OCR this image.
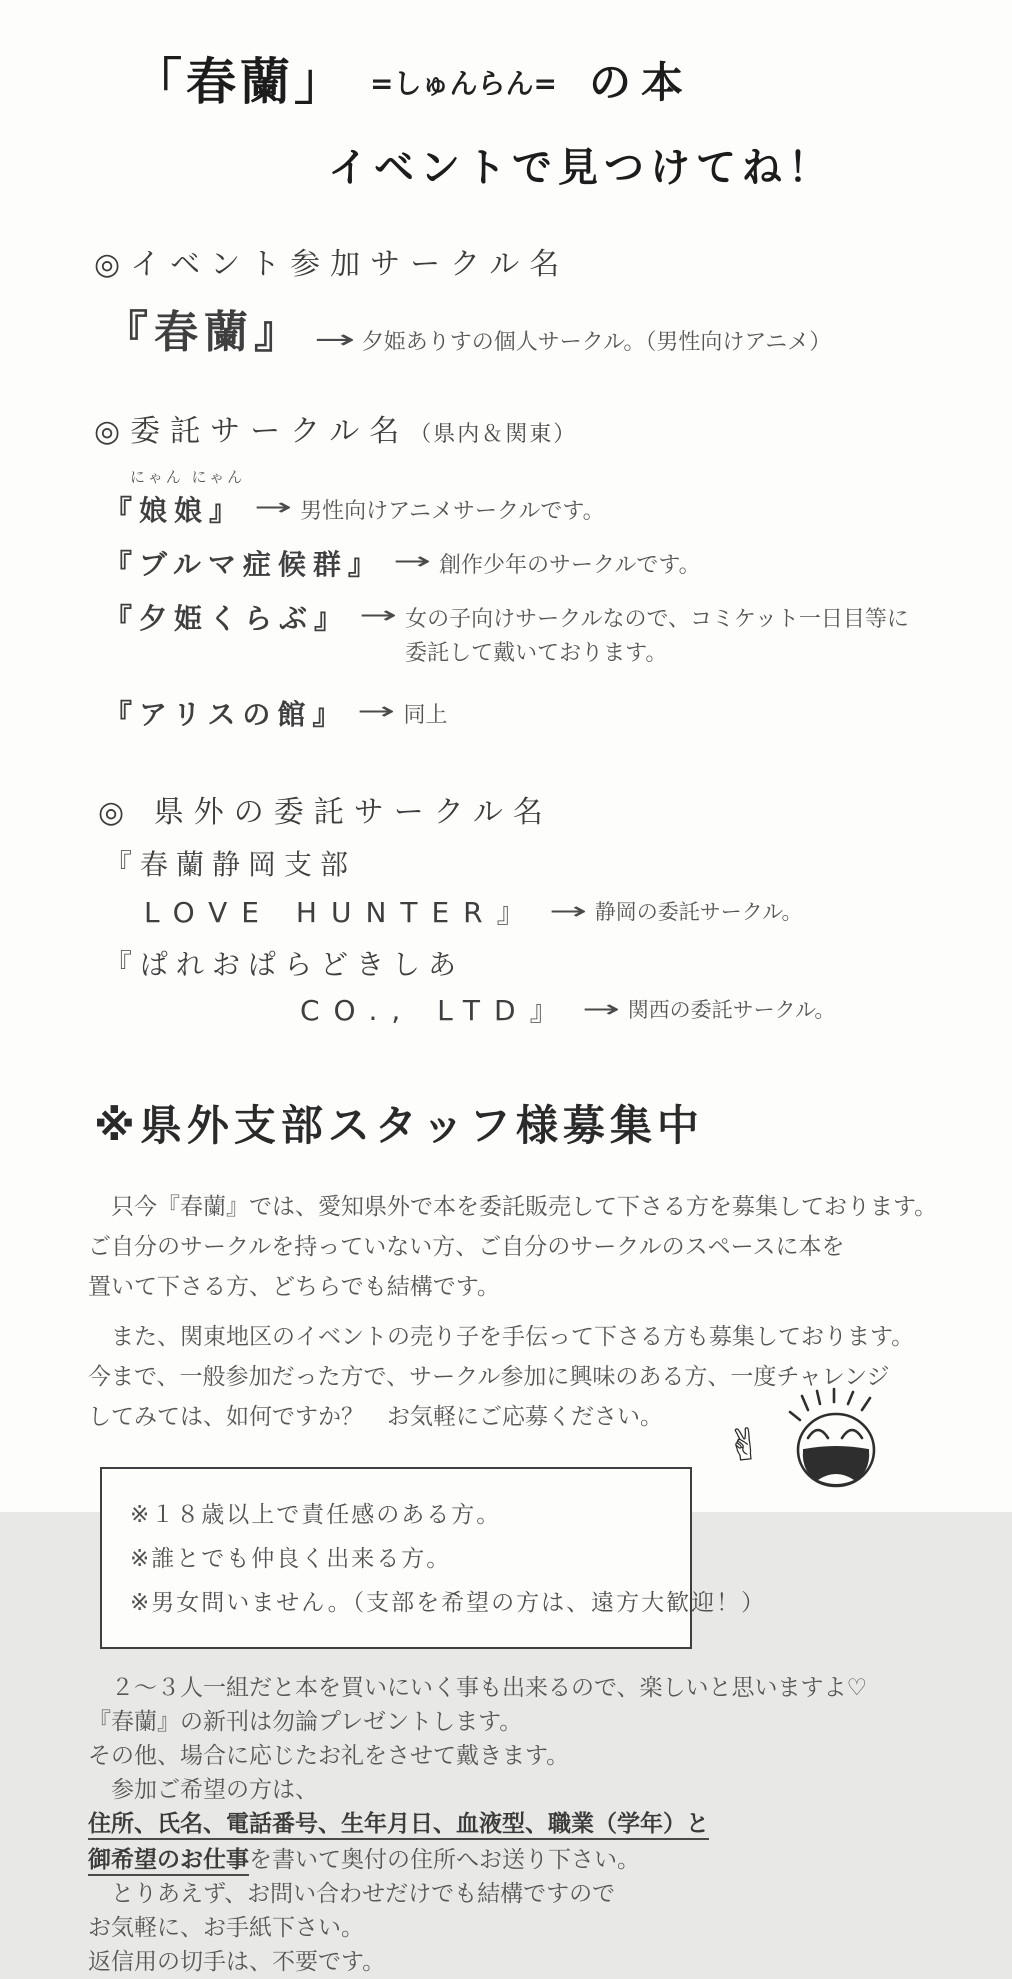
「春蘭」 =しゅんらん= の本
イベントで見つけてね！
◎イベント参加サークル名
『春蘭』 → 夕姫ありすの個人サークル。（男性向けアニメ）
◎委託サークル名（県内＆関東）
にゃん にゃん
『娘娘』 → 男性向けアニメサークルです。
『ブルマ症候群』 → 創作少年のサークルです。
『夕姫くらぶ』 → 女の子向けサークルなので、コミケット一日目等に
委託して戴いております。
『アリスの館』 → 同上
◎ 県外の委託サークル名
『春蘭静岡支部
LOVE HUNTER』 → 静岡の委託サークル。
『ぱれおぱらどきしあ
CO., LTD』 → 関西の委託サークル。
※県外支部スタッフ様募集中
　只今『春蘭』では、愛知県外で本を委託販売して下さる方を募集しております。
ご自分のサークルを持っていない方、ご自分のサークルのスペースに本を
置いて下さる方、どちらでも結構です。
　また、関東地区のイベントの売り子を手伝って下さる方も募集しております。
今まで、一般参加だった方で、サークル参加に興味のある方、一度チャレンジ
してみては、如何ですか？　お気軽にご応募ください。
※１８歳以上で責任感のある方。
※誰とでも仲良く出来る方。
※男女問いません。（支部を希望の方は、遠方大歓迎！）
　２～３人一組だと本を買いにいく事も出来るので、楽しいと思いますよ♡
『春蘭』の新刊は勿論プレゼントします。
その他、場合に応じたお礼をさせて戴きます。
　参加ご希望の方は、
住所、氏名、電話番号、生年月日、血液型、職業（学年）と
御希望のお仕事を書いて奥付の住所へお送り下さい。
　とりあえず、お問い合わせだけでも結構ですので
お気軽に、お手紙下さい。
返信用の切手は、不要です。
✌
